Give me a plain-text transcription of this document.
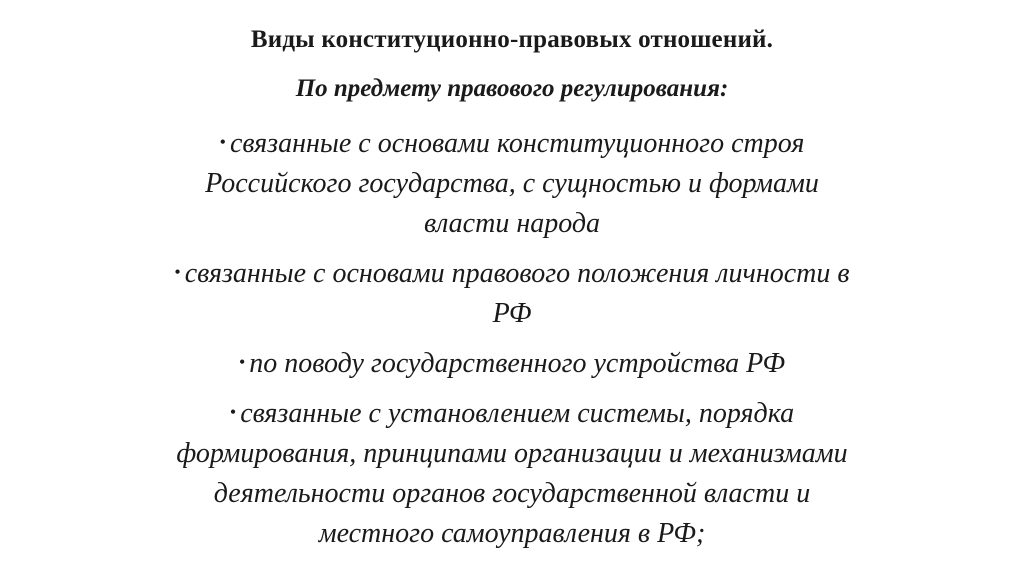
Виды конституционно-правовых отношений.
По предмету правового регулирования:
• связанные с основами конституционного строя
Российского государства, с сущностью и формами
власти народа
• связанные с основами правового положения личности в
РФ
• по поводу государственного устройства РФ
• связанные с установлением системы, порядка
формирования, принципами организации и механизмами
деятельности органов государственной власти и
местного самоуправления в РФ;
